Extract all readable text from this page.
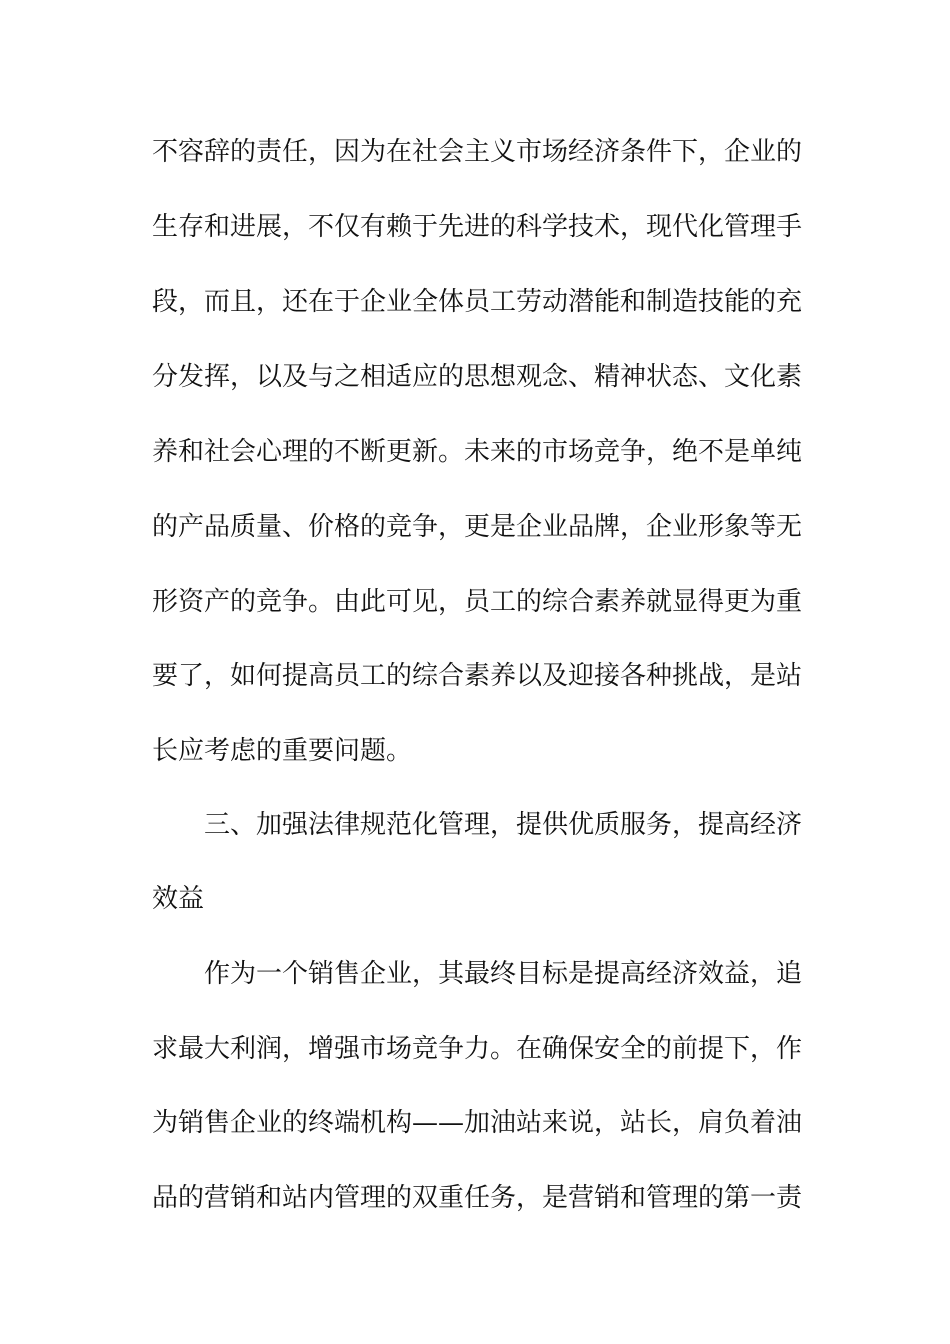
不容辞的责任，因为在社会主义市场经济条件下，企业的
生存和进展，不仅有赖于先进的科学技术，现代化管理手
段，而且，还在于企业全体员工劳动潜能和制造技能的充
分发挥，以及与之相适应的思想观念、精神状态、文化素
养和社会心理的不断更新。未来的市场竞争，绝不是单纯
的产品质量、价格的竞争，更是企业品牌，企业形象等无
形资产的竞争。由此可见，员工的综合素养就显得更为重
要了，如何提高员工的综合素养以及迎接各种挑战，是站
长应考虑的重要问题。
三、加强法律规范化管理，提供优质服务，提高经济
效益
作为一个销售企业，其最终目标是提高经济效益，追
求最大利润，增强市场竞争力。在确保安全的前提下，作
为销售企业的终端机构——加油站来说，站长，肩负着油
品的营销和站内管理的双重任务，是营销和管理的第一责
